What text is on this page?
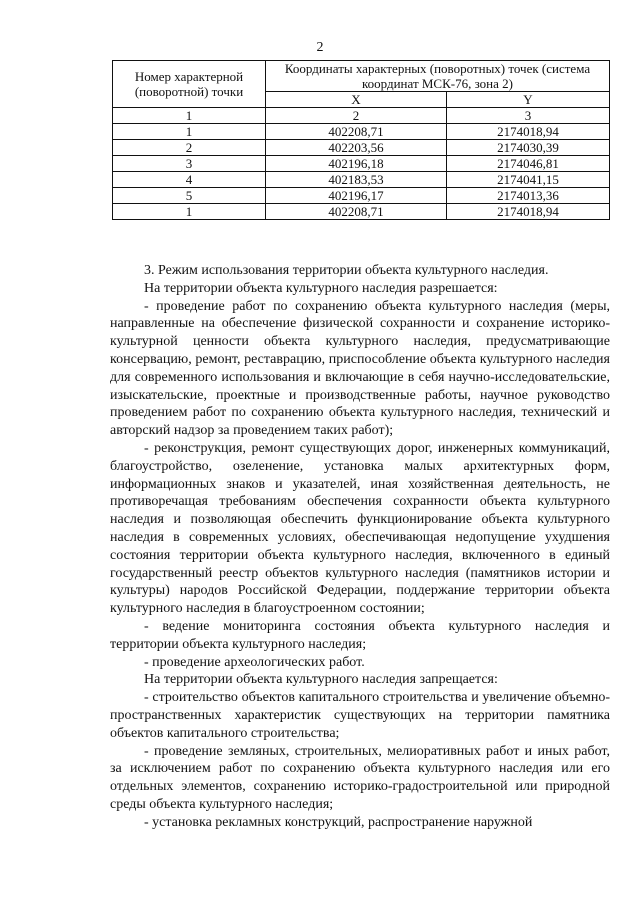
2
Номер характерной (поворотной) точки	Координаты характерных (поворотных) точек (система координат МСК-76, зона 2)	
	X	Y
1	2	3
1	402208,71	2174018,94
2	402203,56	2174030,39
3	402196,18	2174046,81
4	402183,53	2174041,15
5	402196,17	2174013,36
1	402208,71	2174018,94

3. Режим использования территории объекта культурного наследия.

На территории объекта культурного наследия разрешается:

- проведение работ по сохранению объекта культурного наследия (меры, направленные на обеспечение физической сохранности и сохранение историко-культурной ценности объекта культурного наследия, предусматривающие консервацию, ремонт, реставрацию, приспособление объекта культурного наследия для современного использования и включающие в себя научно-исследовательские, изыскательские, проектные и производственные работы, научное руководство проведением работ по сохранению объекта культурного наследия, технический и авторский надзор за проведением таких работ);

- реконструкция, ремонт существующих дорог, инженерных коммуникаций, благоустройство, озеленение, установка малых архитектурных форм, информационных знаков и указателей, иная хозяйственная деятельность, не противоречащая требованиям обеспечения сохранности объекта культурного наследия и позволяющая обеспечить функционирование объекта культурного наследия в современных условиях, обеспечивающая недопущение ухудшения состояния территории объекта культурного наследия, включенного в единый государственный реестр объектов культурного наследия (памятников истории и культуры) народов Российской Федерации, поддержание территории объекта культурного наследия в благоустроенном состоянии;

- ведение мониторинга состояния объекта культурного наследия и территории объекта культурного наследия;

- проведение археологических работ.

На территории объекта культурного наследия запрещается:

- строительство объектов капитального строительства и увеличение объемно-пространственных характеристик существующих на территории памятника объектов капитального строительства;

- проведение земляных, строительных, мелиоративных работ и иных работ, за исключением работ по сохранению объекта культурного наследия или его отдельных элементов, сохранению историко-градостроительной или природной среды объекта культурного наследия;

- установка рекламных конструкций, распространение наружной
